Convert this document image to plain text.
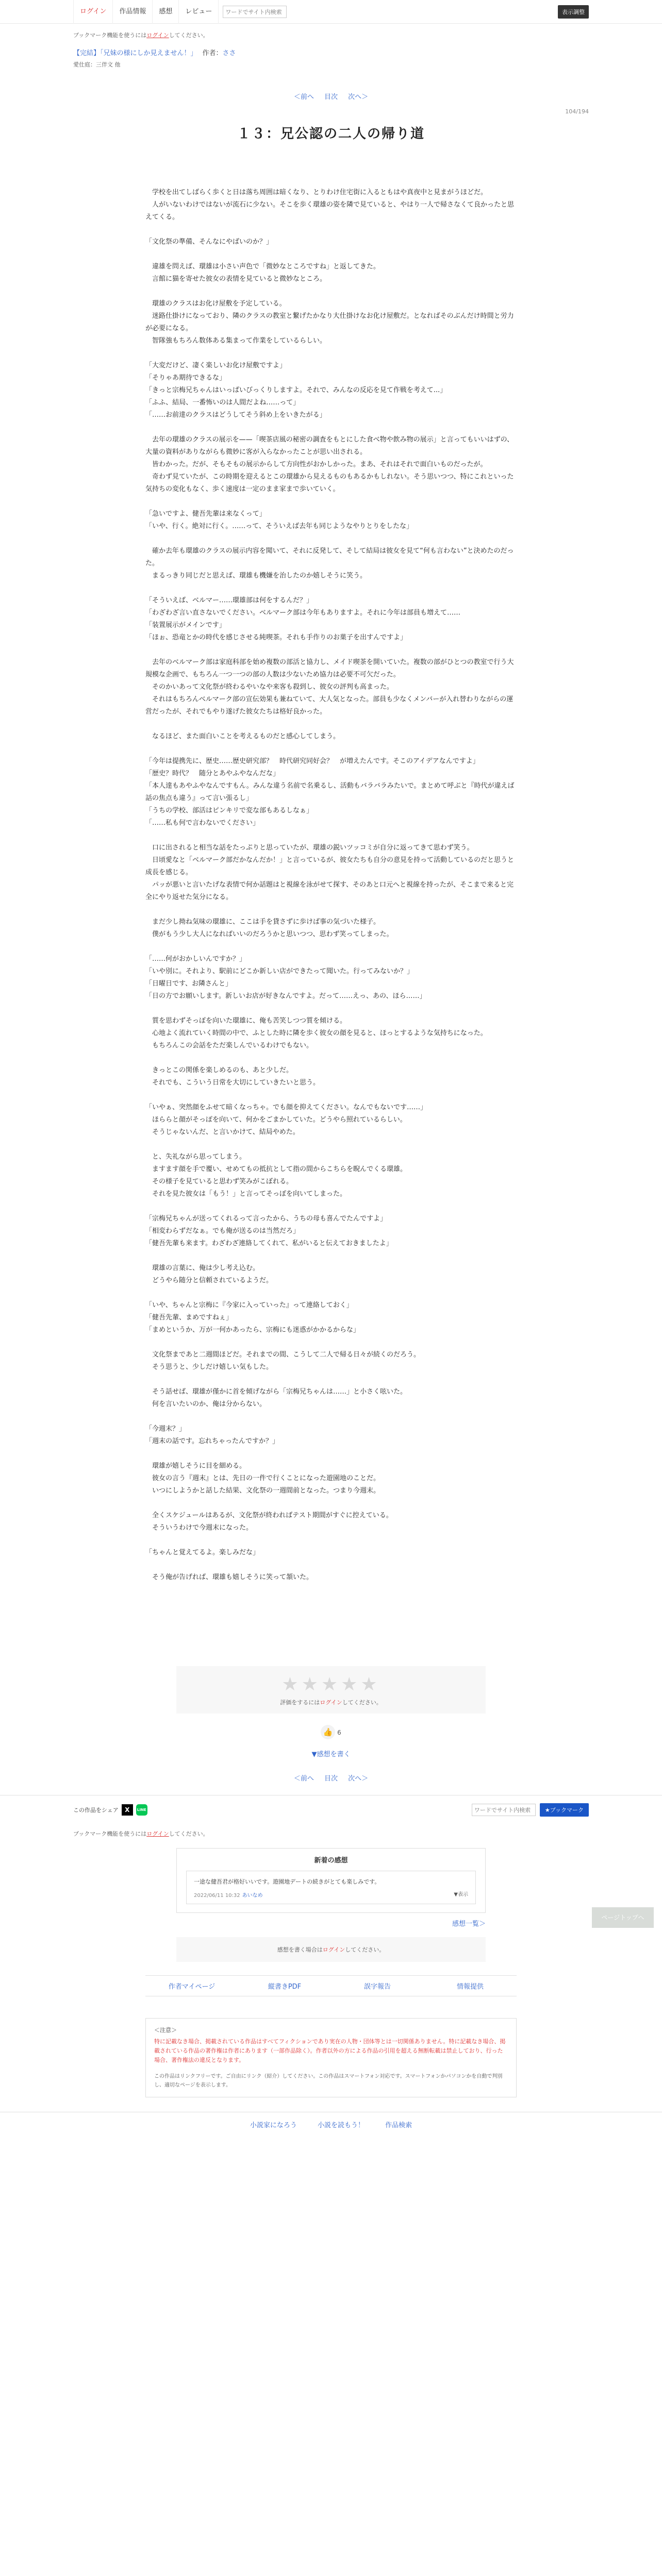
ログイン	作品情報	感想	レビュー
ワードでサイト内検索	表示調整
ブックマーク機能を使うにはログインしてください。
【完結】「兄妹の様にしか見えません！」 作者：ささ
愛仕庭：三伴文 他
＜前へ 目次 次へ＞
104/194
１３：兄公認の二人の帰り道

　学校を出てしばらく歩くと日は落ち周囲は暗くなり、とりわけ住宅街に入るともはや真夜中と見まがうほどだ。

　人がいないわけではないが流石に少ない。そこを歩く環雄の姿を隣で見ていると、やはり一人で帰さなくて良かったと思えてくる。

「文化祭の準備、そんなにやばいのか？」

　違雄を問えば、環雄は小さい声色で「微妙なところですね」と返してきた。

　言館に猫を寄せた彼女の表情を見ていると微妙なところ。

　環雄のクラスはお化け屋敷を予定している。

　迷路仕掛けになっており、隣のクラスの教室と繋げたかなり大仕掛けなお化け屋敷だ。となればそのぶんだけ時間と労力が必要になる。

　智隊強もちろん数体ある集まって作業をしているらしい。

「大変だけど、凄く楽しいお化け屋敷ですよ」

「そりゃあ期待できるな」

「きっと宗梅兄ちゃんはいっぱいびっくりしますよ。それで、みんなの反応を見て作戦を考えて...」

「ふふ、結局、一番怖いのは人間だよね……って」

「……お前達のクラスはどうしてそう斜め上をいきたがる」

　去年の環雄のクラスの展示を——「喫茶店風の秘密の調査をもとにした食べ物や飲み物の展示」と言ってもいいはずの、大量の資料がありながらも微妙に客が入らなかったことが思い出される。

　皆わかった。だが、そもそもの展示からして方向性がおかしかった。まあ、それはそれで面白いものだったが。

　奇わず見ていたが、この時期を迎えるとこの環雄から見えるものもあるかもしれない。そう思いつつ、特にこれといった気持ちの変化もなく、歩く速度は一定のまま家まで歩いていく。

「急いですよ、健吾先輩は来なくって」

「いや、行く。絶対に行く。……って、そういえば去年も同じようなやりとりをしたな」

　確か去年も環雄のクラスの展示内容を聞いて、それに反発して、そして結局は彼女を見て“何も言わない”と決めたのだった。

　まるっきり同じだと思えば、環雄も機嫌を治したのか嬉しそうに笑う。

「そういえば、ベルマー……環雄部は何をするんだ？」

「わざわざ言い直さないでください。ベルマーク部は今年もありますよ。それに今年は部員も増えて……

「装置展示がメインです」

「ほぉ、恐竜とかの時代を感じさせる純喫茶。それも手作りのお菓子を出すんですよ」

　去年のベルマーク部は家庭科部を始め複数の部活と協力し、メイド喫茶を開いていた。複数の部がひとつの教室で行う大規模な企画で、もちろん一つ一つの部の人数は少ないため協力は必要不可欠だった。

　そのかいあって文化祭が終わるやいなや来客も殺到し、彼女の評判も高まった。

　それはもちろんベルマーク部の宣伝効果も兼ねていて、大人気となった。部員も少なくメンバーが入れ替わりながらの運営だったが、それでもやり遂げた彼女たちは格好良かった。

　なるほど、また面白いことを考えるものだと感心してしまう。

「今年は提携先に、歴史……歴史研究部？　時代研究同好会？　が増えたんです。そこのアイデアなんですよ」

「歴史？時代？　随分とあやふやなんだな」

「本人達もあやふやなんですもん。みんな違う名前で名乗るし、活動もバラバラみたいで。まとめて呼ぶと『時代が違えば話の焦点も違う』って言い張るし」

「うちの学校、部活はピンキリで変な部もあるしなぁ」

「……私も何で言わないでください」

　口に出されると相当な話をたっぷりと思っていたが、環雄の鋭いツッコミが自分に返ってきて思わず笑う。

　日頃愛なと「ベルマーク部だかなんだか！」と言っているが、彼女たちも自分の意見を持って活動しているのだと思うと成長を感じる。

　パッが悪いと言いたげな表情で何か話題はと視線を泳がせて探す、そのあと口元へと視線を持ったが、そこまで来ると完全にやり返せた気分になる。

　まだ少し拗ね気味の環雄に、ここは手を貸さずに歩けば事の気づいた様子。

　僕がもう少し大人になればいいのだろうかと思いつつ、思わず笑ってしまった。

「……何がおかしいんですか？」

「いや別に。それより、駅前にどこか新しい店ができたって聞いた。行ってみないか？」

「日曜日です、お隣さんと」

「日の方でお願いします。新しいお店が好きなんですよ。だって……えっ、あの、ほら……」

　質を思わずそっぽを向いた環雄に、俺も苦笑しつつ質を傾ける。

　心地よく流れていく時間の中で、ふとした時に隣を歩く彼女の顔を見ると、ほっとするような気持ちになった。

　もちろんこの会話をただ楽しんでいるわけでもない。

　きっとこの関係を楽しめるのも、あと少しだ。

　それでも、こういう日常を大切にしていきたいと思う。

「いやぁ、突然顔をふせて暗くなっちゃ。でも顔を抑えてください。なんでもないです……」

　ほららと顔がそっぽを向いて、何かをごまかしていた。どうやら照れているらしい。

　そうじゃないんだ、と言いかけて、結局やめた。

　と、失礼ながら思ってしまう。

　ますます顔を手で覆い、せめてもの抵抗として指の間からこちらを睨んでくる環雄。

　その様子を見ていると思わず笑みがこぼれる。

　それを見た彼女は「もう！」と言ってそっぽを向いてしまった。

「宗梅兄ちゃんが送ってくれるって言ったから、うちの母も喜んでたんですよ」

「相変わらずだなぁ。でも俺が送るのは当然だろ」

「健吾先輩も来ます。わざわざ連絡してくれて、私がいると伝えておきましたよ」

　環雄の言葉に、俺は少し考え込む。

　どうやら随分と信頼されているようだ。

「いや、ちゃんと宗梅に『今家に入っていった』って連絡しておく」

「健吾先輩、まめですねぇ」

「まめというか、万が一何かあったら、宗梅にも迷惑がかかるからな」

　文化祭まであと二週間ほどだ。それまでの間、こうして二人で帰る日々が続くのだろう。

　そう思うと、少しだけ嬉しい気もした。

　そう話せば、環雄が僅かに首を傾げながら「宗梅兄ちゃんは……」と小さく呟いた。

　何を言いたいのか、俺は分からない。

「今週末？」

「週末の話です。忘れちゃったんですか？」

　環雄が嬉しそうに目を細める。

　彼女の言う『週末』とは、先日の一件で行くことになった遊園地のことだ。

　いつにしようかと話した結果、文化祭の一週間前となった。つまり今週末。

　全くスケジュールはあるが、文化祭が終わればテスト期間がすぐに控えている。

　そういうわけで今週末になった。

「ちゃんと覚えてるよ。楽しみだな」

　そう俺が告げれば、環雄も嬉しそうに笑って頷いた。

★★★★★
評価をするにはログインしてください。
👍 6
▼感想を書く
＜前へ 目次 次へ＞
この作品をシェア	X	LINE
ワードでサイト内検索	★ブックマーク
ブックマーク機能を使うにはログインしてください。
新着の感想
一途な健吾君が格好いいです。遊園地デートの続きがとても楽しみです。
2022/06/11 10:32 あいなめ	▼表示
感想一覧＞
感想を書く場合はログインしてください。
作者マイページ	縦書きPDF	誤字報告	情報提供
＜注意＞
特に記載なき場合、掲載されている作品はすべてフィクションであり実在の人物・団体等とは一切関係ありません。特に記載なき場合、掲載されている作品の著作権は作者にあります（一部作品除く）。作者以外の方による作品の引用を超える無断転載は禁止しており、行った場合、著作権法の違反となります。
この作品はリンクフリーです。ご自由にリンク（紹介）してください。この作品はスマートフォン対応です。スマートフォンかパソコンかを自動で判別し、適切なページを表示します。
小説家になろう	小説を読もう！	作品検索
ページトップへ
